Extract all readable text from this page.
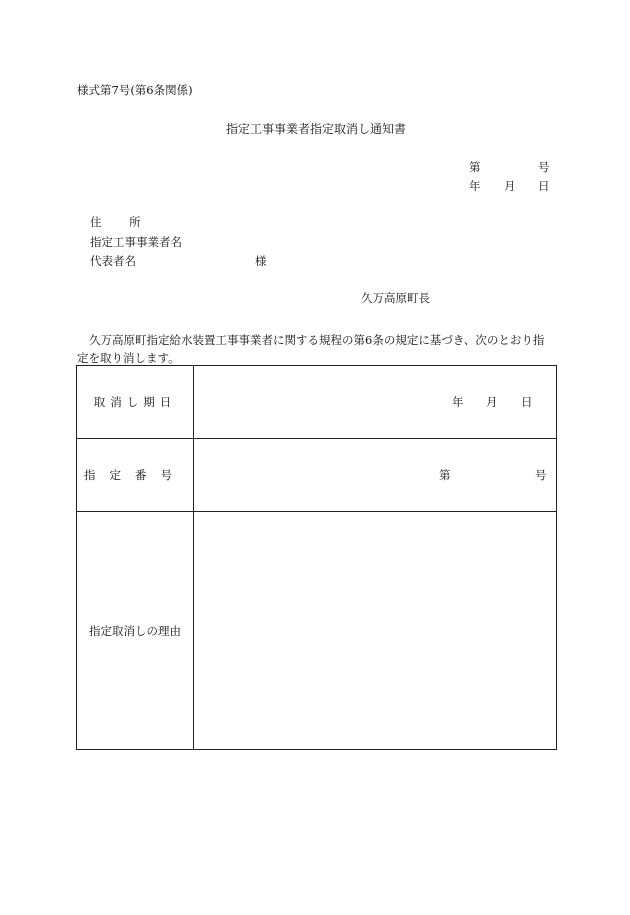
様式第7号(第6条関係)
指定工事事業者指定取消し通知書
第	号
年 月 日
住 所
指定工事事業者名
代表者名	様
久万高原町長
久万高原町指定給水装置工事事業者に関する規程の第6条の規定に基づき、次のとおり指定を取り消します。
取消し期日	年 月 日

指定番号	第 号

指定取消しの理由	
